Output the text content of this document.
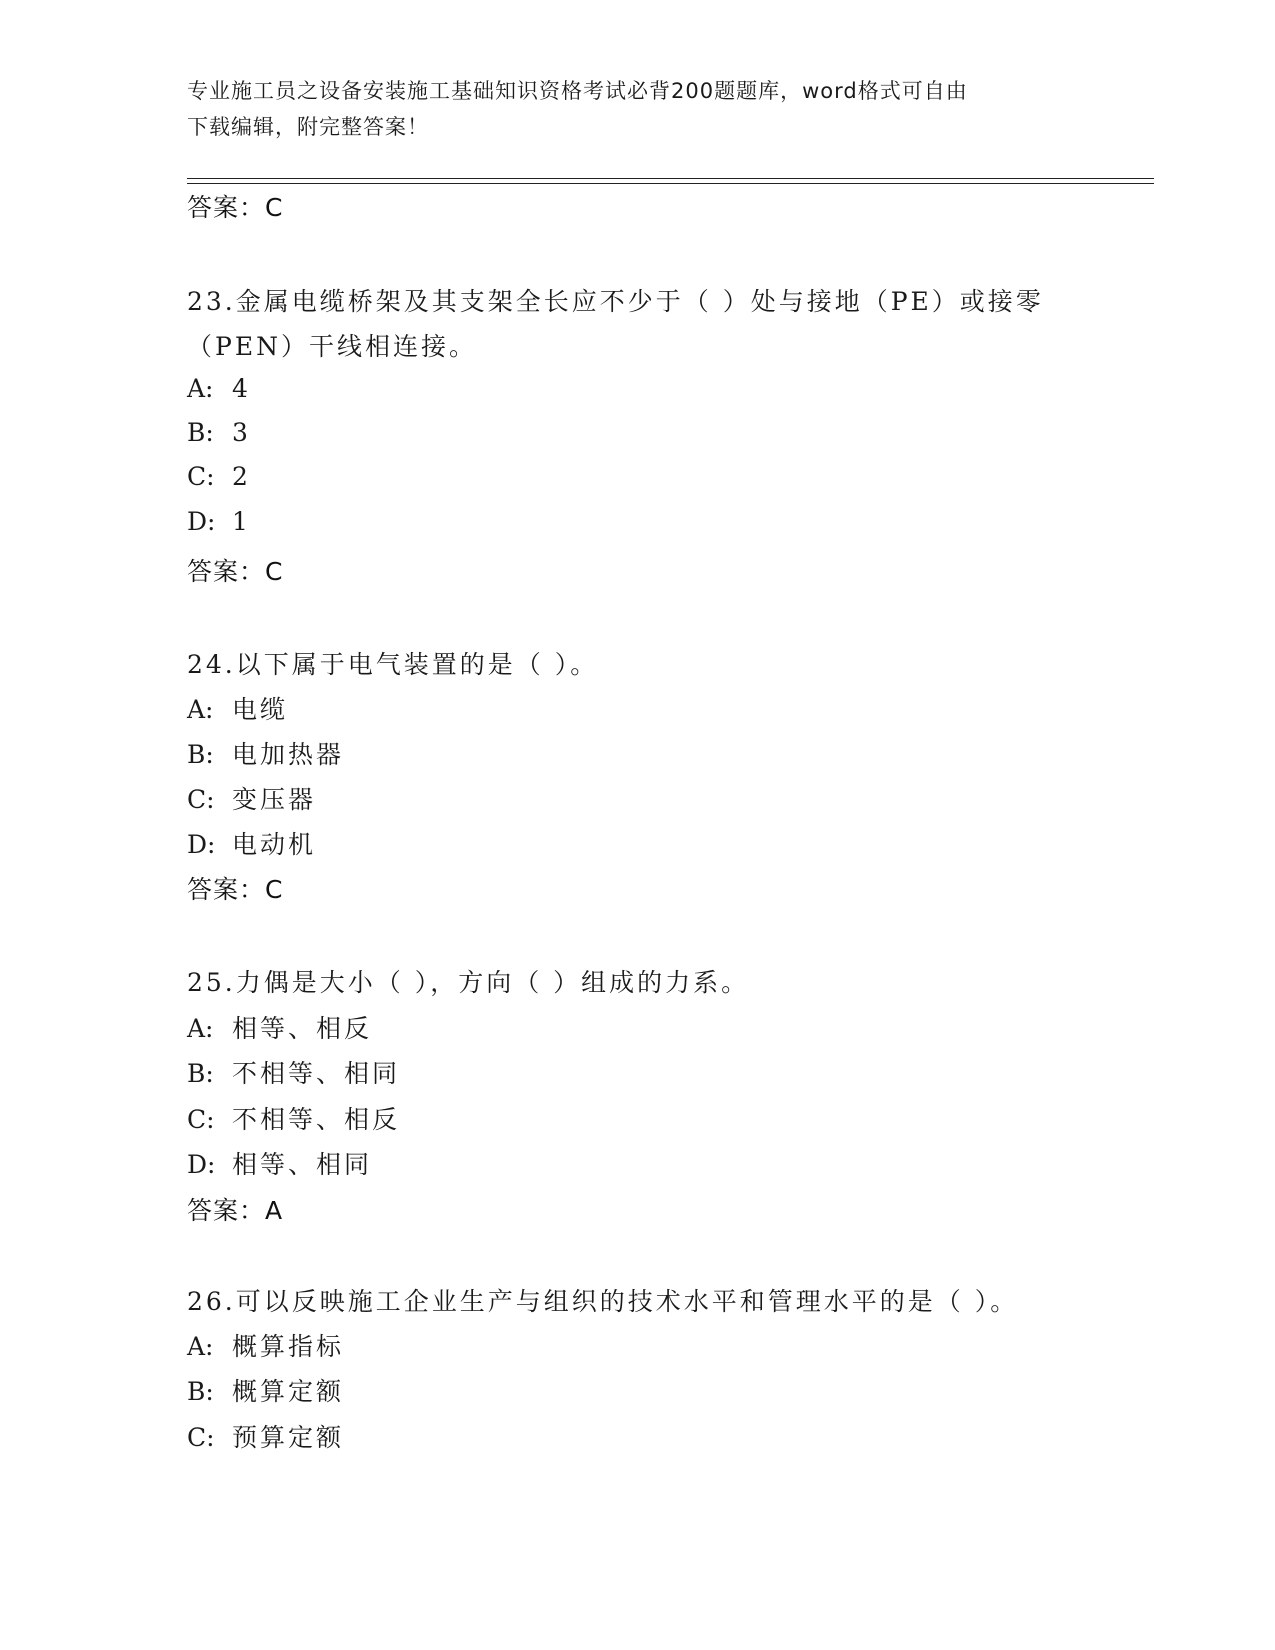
专业施工员之设备安装施工基础知识资格考试必背200题题库，word格式可自由
下载编辑，附完整答案！
答案：C
23.金属电缆桥架及其支架全长应不少于（ ）处与接地（PE）或接零
（PEN）干线相连接。
A: 4
B: 3
C: 2
D: 1
答案：C
24.以下属于电气装置的是（ ）。
A: 电缆
B: 电加热器
C: 变压器
D: 电动机
答案：C
25.力偶是大小（ ），方向（ ）组成的力系。
A: 相等、相反
B: 不相等、相同
C: 不相等、相反
D: 相等、相同
答案：A
26.可以反映施工企业生产与组织的技术水平和管理水平的是（ ）。
A: 概算指标
B: 概算定额
C: 预算定额
